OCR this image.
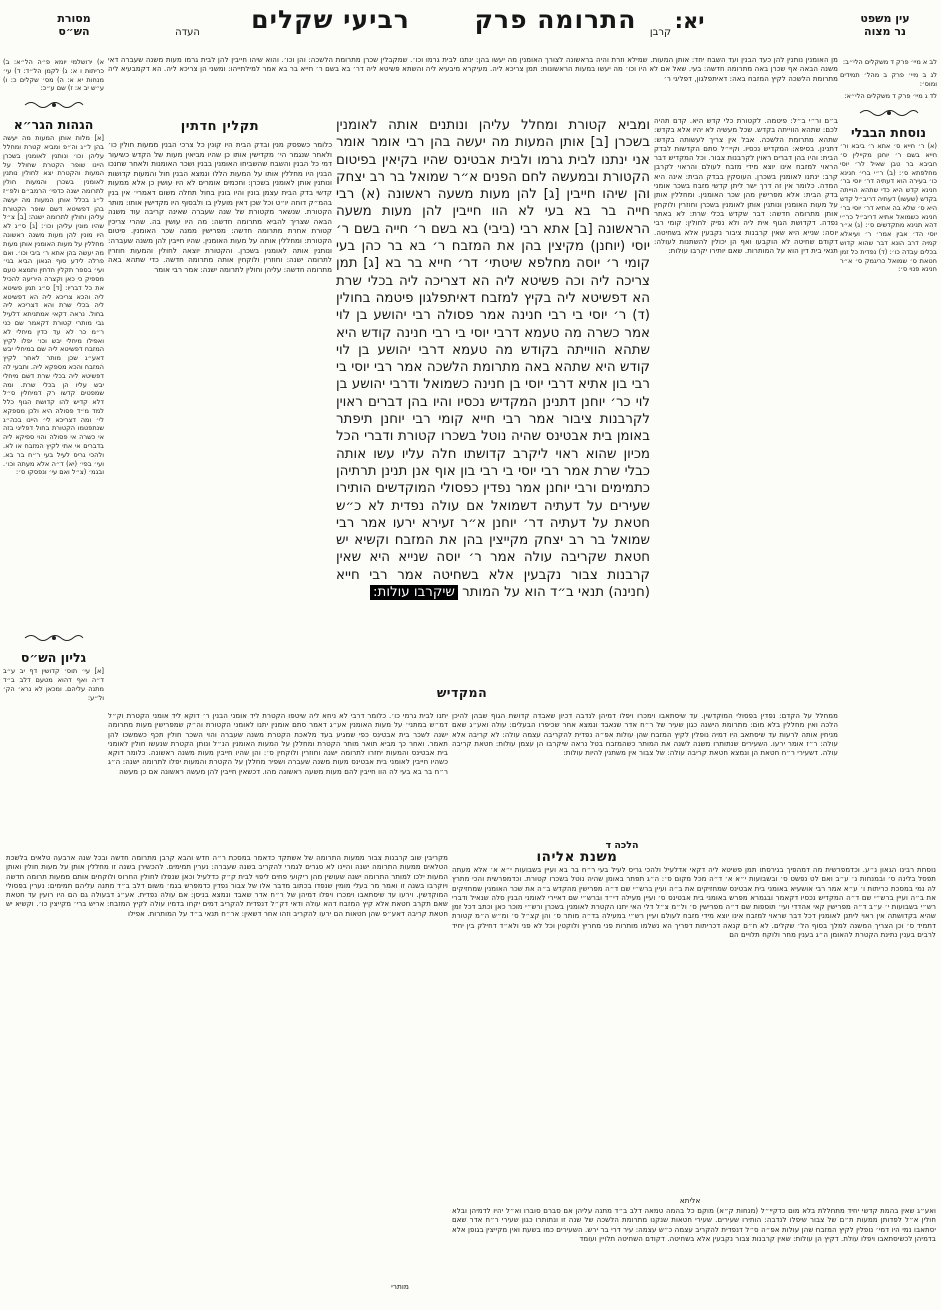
עין משפט
נר מצוה
יא:
קרבן
התרומה פרק
רביעי שקלים
העדה
מסורת
הש״ס
לב א מיי׳ פרק ד משקלים הלי״ב:
לג ב מיי׳ פרק ב מהל׳ תמידים ומוס׳:
לד ג מיי׳ פרק ד משקלים הלי״א:
נוסחת הבבלי
(א) ר׳ חייא ס׳ אתא ר׳ ביבא ור׳ חייא בשם ר׳ יוחנן מקיילין ס׳ חביבא בר טבן שאיל לר׳ יוסי מחלפתא ס׳: (ב) ר״י ברי׳ חנינא כו׳ בעירה הוא דעתיה דר׳ יוסי בר׳ חנינא קדש היא כדי שתהא הוייתה בקדש (שעשו) דעתיה דריב״ל קדש היא ס׳ שלא בה אתיא דר׳ יוסי בר׳ חנינא כשמואל אתיא דריב״ל כר״י דהא תנינא מתקדשים ס׳: (ג) א״ר יוסי הד׳ אבין אמר׳ ר׳ ועיאלא קמיה דרב הונא דבר שהוא קדוש בכלים עבדה כו׳: (ד) נפדית כל זמן חטאת ס׳ שמואל כריגמק ס׳ א״ר חנינא פנוי ס׳:
א) ירושלמי יומא פ״ה הל״א: ב) כריתות ו א: ג) לקמן הל״ד: ד) עי׳ מנחות יא א: ה) מס׳ שקלים כ: ו) ע״ש יב א: ז) שם ע״כ:
הגהות הגר״א
[א] מלות אותן המעות מה יעשה בהן ל״ג וה״פ ומביא קטרת ומחלל עליהן וכו׳ ונותנין לאומנין בשכרן היינו שופר הקטרת שחולל על המעות והקטרת יצא לחולין נותנין לאומנין בשכרן והמעות חולין לתרומה ישנה כדפי׳ הרמב״ם ולפ״ז ל״ג בכלל אותן המעות מה יעשה בהן דפשיטא דשם שופר הקטורת עליהן וחולין לתרומה ישנה: [ב] צ״ל שהיו מונין עליהן וכו׳: [ג] ס״ג לא היו מונין להן מעות משנה ראשונה מחללין על מעות האומנין אותן מעות מה יעשה בהן אתא ר׳ ביבי וכו׳. ואם פרלה לידע סוף הגאון הביא בגי׳ ועי׳ בספר תקלין חדתין ותמצא טעם מספיק כי כאן וקצרה היריעה להכיל את כל דבריו: [ד] ס״ג תמן פשיטא ליה והכא צריכא ליה הא דפשיטא ליה בכלי שרת והא דצריכא ליה בחול. נראה דקאי אמתניתא דלעיל גבי מותרי קטורת דקאמר שם כני ר״מ כר לא עד כדין מיחלי לא ואפילו מיחלי יבש וכו׳ יפלו לקיץ המזבח דפשיטא ליה שם במיחלי יבש דאע״ג שכן מותר לאחר לקיץ המזבח והכא מספקא ליה. ותבעי לה דפשיטא ליה בכלי שרת דשם מיחלי יבש עליו הן בכלי שרת. ומה שמפטים קדשו רק דמיחלין ס״ל דלא קדיש להו קדושת הגוף כלל למד מ״ד פסולה היא ולכן מספקא לי׳ ומה דצריכא לי׳ היינו בכה״ג שנתפטמו הקטורת בחול דפליגי בזה אי כשרה אי פסולה והוי ספיקא ליה בדברים אי אתי לקיץ המזבח או לא. ולהכי גריס לעיל בעי ר״ח בר בא. ועי׳ בפי׳ (יא) ד״ה אלא מעתה וכו׳. ובגמ׳ (צ״ל ואם עי׳ ונפסקו ס׳:
גליון הש״ס
[א] עי׳ תוס׳ קדושין דף יב ע״ב ד״ה ואף דהוא מטעם דלב ב״ד מתנה עליהם. ומכאן לא נרא׳ הק׳ ול״ע:
מן האומנין נותנין להן כעד הבנין ועד השבח יחד: אותן המעות. שמילא וזרת והיה בראשונה לצורך האומנין מה יעשו בהן: ינתנו לבית גרמו וכו׳. שמקבלין שכרן מתרומת הלשכה: והן וכו׳. והוא שיהו חייבין להן לבית גרמו מעות משנה שעברה דאי משנה הבאה אף שכרן באה מתרומה חדשה: בעי. שאל אם לא היו וכו׳ מה יעשו במעות הראשונות: תמן צריכא ליה. מעיקרא מיבעיא ליה והשתא פשיטא ליה דר׳ בא בשם ר׳ חייא בר בא אמר למילתייהו: ומשני הן צריכא ליה. הא דקמבעיא ליה מתרומת הלשכה לקיץ המזבח באה: דאיתפלגון, דפליגי ר׳
תקלין חדתין
כלומר כשפסק מנין ובדק הבית היו קונין כל צרכי הבנין ממעות חולין כו׳ ולאחר שנגמר הי׳ מקדישין אותו כן שהיו מביאין מעות של הקדש כשיעור דמי כל הבנין והשבח שהשביחו האומנין בבנין ושכר האומנות ולאחר שחנכו הבנין היו מחללין אותו על המעות הללו ונמצא הבנין חול והמעות קדושות ונותנין אותן לאומנין בשכרן: וחכמים אומרים לא היו עושין כן אלא ממעות קדשי בדק הבית עצמן בונין והיו בונין בחול תחלה משום דאמרי׳ אין בנין בהמ״ק דוחה יו״ט וכל שכן דאין מועלין בו ולבסוף היו מקדישין אותו: מותר הקטורת. שנשאר מקטורת של שנה שעברה שאינה קריבה עוד משנה הבאה שצריך להביא מתרומה חדשה: מה היו עושין בה. שהרי צריכין קטורת אחרת מתרומה חדשה: מפרישין ממנה שכר האומנין. פיטום הקטורת: ומחללין אותה על מעות האומנין. שהיו חייבין להן משנה שעברה: ונותנין אותה לאומנין בשכרן. והקטורת יוצאה לחולין והמעות חוזרין לתרומה ישנה: וחוזרין ולוקחין אותה מתרומה חדשה. כדי שתהא באה מתרומה חדשה: עליהן וחולין לתרומה ישנה: אמר רבי אומר
ומביא קטורת ומחלל עליהן ונותנים אותה לאומנין בשכרן [ב] אותן המעות מה יעשה בהן רבי אומר אומר אני ינתנו לבית גרמו ולבית אבטינס שהיו בקיאין בפיטום הקטורת ובמעשה לחם הפנים א״ר שמואל בר רב יצחק והן שיהו חייבין [ג] להן מעות משעה ראשונה (א) רבי חייה בר בא בעי לא הוו חייבין להן מעות משעה הראשונה [ב] אתא רבי (ביבי) בא בשם ר׳ חייה בשם ר׳ יוסי (יוחנן) מקיצין בהן את המזבח ר׳ בא בר כהן בעי קומי ר׳ יוסה מחלפא שיטתי׳ דר׳ חייא בר בא [ג] תמן צריכה ליה וכה פשיטא ליה הא דצריכה ליה בכלי שרת הא דפשיטא ליה בקיץ למזבח דאיתפלגון פיטמה בחולין (ד) ר׳ יוסי בי רבי חנינה אמר פסולה רבי יהושע בן לוי אמר כשרה מה טעמא דרבי יוסי בי רבי חנינה קודש היא שתהא הווייתה בקודש מה טעמא דרבי יהושע בן לוי קודש היא שתהא באה מתרומת הלשכה אמר רבי יוסי בי רבי בון אתיא דרבי יוסי בן חנינה כשמואל ודרבי יהושע בן לוי כר׳ יוחנן דתנינן המקדיש נכסיו והיו בהן דברים ראוין לקרבנות ציבור אמר רבי חייא קומי רבי יוחנן תיפתר באומן בית אבטינס שהיה נוטל בשכרו קטורת ודברי הכל מכיון שהוא ראוי ליקרב קדושתו חלה עליו עשו אותה כבלי שרת אמר רבי יוסי בי רבי בון אוף אנן תנינן תרתיהן כתמימים ורבי יוחנן אמר נפדין כפסולי המוקדשים הותירו שעירים על דעתיה דשמואל אם עולה נפדית לא כ״ש חטאת על דעתיה דר׳ יוחנן א״ר זעירא ירעו אמר רבי שמואל בר רב יצחק מקייצין בהן את המזבח וקשיא יש חטאת שקריבה עולה אמר ר׳ יוסה שנייא היא שאין קרבנות צבור נקבעין אלא בשחיטה אמר רבי חייא (חנינה) תנאי ב״ד הוא על המותר שיקרבו עולות:
ב״ם ור״י ב״ל: פיטמה. לקטורת כלי קדש היא. קדם תהיה לכם: שתהא הווייתה בקדש. שכל מעשיה לא יהיו אלא בקדש: שתהא מתרומת הלשכה. אבל אין צריך לעשותה בקדש: דתנינן. בסיפא: המקדיש נכסיו. וקיי״ל סתם הקדשות לבדק הבית: והיו בהן דברים ראוין לקרבנות צבור. וכל המקדיש דבר הראוי למזבח אינו יוצא מידי מזבח לעולם והראוי לקרבן קרב: ינתנו לאומנין בשכרן. העוסקין בבדק הבית: אינה היא המדה. כלומר אין זה דרך ישר ליתן קדשי מזבח בשכר אומני בדק הבית: אלא מפרישין מהן שכר האומנין. ומחללין אותן על מעות האומנין ונותנין אותן לאומנין בשכרן וחוזרין ולוקחין אותן מתרומה חדשה: דבר שקדש בכלי שרת: לא באתר נפדה. דקדושת הגוף אית ליה ולא נפיק לחולין: קומי רבי יוסה: שנייא היא שאין קרבנות ציבור נקבעין אלא בשחיטה. דקודם שחיטה לא הוקבעו ואף הן יכולין להשתנות לעולה: תנאי בית דין הוא על המותרות. שאם יותירו יקרבו עולות:
המקדיש
יתנו לבית גרמי כו׳. כלומר דרבי לא ניחא ליה שיטפו הקטרת ליד אומני הבנין ר׳ דוקא ליד אומני הקטרת וק״ל דמ״ש במתני׳ על מעות האומנין אע״ג דאמר סתם אומנין יתנו לאומני הקטורת וה״ק שמפרישין מעות מתרומה ישנה לשכר בית אבטינס כפי שמגיע בעד מלאכת הקטרת משנה שעברה והוי השכר חולין תכף כשמשכו להן תאמר. ואחר כך מביא תואר מותר הקטרת ומחללן על המעות האומנין הנ״ל ונותן הקטרת שנעשו חולין לאומני בית אבטינס והמעות יחזרו לתרומה ישנה וחוזרין ולוקחין ס׳: והן שהיו חייבין מעות משנה ראשונה. כלומר דוקא כשהיו חייבין לאומני בית אבטינס מעות משנה שעברה ושפיר מחללן על הקטרת והמעות יפלו לתרומה ישנה: ה״ג ר״ח בר בא בעי לה הוו חייבין להם מעות משעה ראשונה מהו. דכשאין חייבין להן מעשה ראשונה אם כן מעשה
ממחלל על הקדם: נפדין בפסולי המוקדשין. עד שיסתאבו וימכרו ויפלו דמיהן לנדבה דכיון שאבדה קדושת הגוף שבהן להיכן הלכה ואין מחללין בלא מום: מתרומת הישנה כגון שעיר של ר״ח אדר שנאבד ונמצא אחר שכיפרו הבעלים: עולה ואע״ג שאם מניחין אותה לרעות עד שיסתאב היו דמיה נופלין לקיץ המזבח שהן עולות אפ״ה נפדית להקריבה עצמה עולה: לא קריבה אלא עולה: ר״ז אומר ירעו. השעירים שנתותרו משנה לשנה את המותר כשהמזבח בטל נראה שיקרבו הן עצמן עולות: חטאת קריבה עולה. דשעירי ר״ח חטאת הן ונמצא חטאת קריבה עולה: של צבור אין משתנין להיות עולות:
מקריבין שוב קרבנות צבור ממעות התרומה של אשתקד כדאמר במסכת ר״ה חדש והבא קרבן מתרומה חדשה ובכל שנה ארבעה טלאים בלשכת הטלאים ממעות התרומה ישנה והיינו לא סגרים לגמרי להקריב בשנה שעברה: נערין תמימים. להכשירן בשנה זו מחללין אותן על מעות חולין ואותן המעות ילכו למותר התרומה ישנה שעושין מהן ריקועי פחים ליפוי לבית ק״ק כדלעיל וכאן שנפלו לחולין החרוס ולוקחים אותם ממעות תרומה חדשה ויוקרבו בשנה זו ואמר מר בעלי מומין שנפדו בכתוב מדבר אלו של צבור נפדין כדמפרש בגמ׳ משום דלב ב״ד מתנה עליהם תמימים: נערין בפסולי המוקדשין. וירעו עד שיסתאבו וימכרו ויפלו דמיהן של ר״ח אדר שאבד ונמצא בניסן: אם עולה נפדית. אע״ג דבעולה גם הם היו רועין עד חטאת שאם תקרב חטאת אלא קיץ המזבח דהא עולה ודאי דק״ל דנפדית להקריב דמים יקחו בדמיו עולה לקיץ המזבח: אריש ברי׳ מקייצין כו׳. וקשיא יש חטאת קריבה דאע״פ שהן חטאות הם ירעו להקריב וזהו אחר דשאין: אר״ח תנאי ב״ד על המותרות. אפילו
מותרי
הלכה ד
משנת אליהו
נוסחת רבינו הגאון נ״ע. וכדמפרשית מה דמהפיך בגירסתו תמן פשיטא ליה דקאי אדלעיל ולהכי גריס לעיל בעי ר״ח בר בא ועיין בשבועות י״א א׳ אלא מעתה תפסל בלינה ס׳ ובמנחות נ׳ ע״ב ואם לט נפשט ס׳ ובשבועות י״א א׳ ד״ה מכל מקום ס׳: ה״ג תפתר באומן שהיה נוטל בשכרו קטורת. וכדמפרשית והכי מתרץ לה נמי במסכת כריתות ו׳ ע״א אמר רבי אושעיא באומני בית אבטינס שמחזיקים את ב״ה ועיין ברש״י שם ד״ה מפרישין מהקדש ב״ה את שכר האומנין שמחזיקים את ב״ה ועיין ברש״י שם ד״ה המקדיש נכסיו דקאמר ובגמרא מפרש באומני בית אבטינס ס׳ ועיין מעילה די״ד וברש״י שם דאיירי לאומני הבנין סלה שנאיל ודברי רש״י בשבועות י׳ ע״ב ד״ה מפרישין קאי אהדדי ועי׳ תוספות שם ד״ה מפרישין ס׳ ול״מ צ״ל דלי האי יתנו הקטרת לאומנין בשכרן ורש״י מוכר כאן וכתב דכל זמן שהיא בקדושתה אין ראוי ליתנן לאומנין דכל דבר שראוי למזבח אינו יוצא מידי מזבח לעולם ועיין רש״י במעילה בד״ה מותר ס׳ והן קצ״ל ס׳ ומ״ש ה״מ קטורת דתמיד ס׳ וכן הצריך המשנה למלך בסוף הל׳ שקלים. לא ח״ם קנאה דכריתות דפריך הא נשלמו מותרות פני מחריץ ולוקטין וכל לא פני ולא״ד דחילק בין יחיד לרבים בענין נתינת הקטרת להאומן ה״ג בענין מחר ולוקח תלויים הם
אליתא
ואע״ג שאין בהמת קדשי יחיד מתחללת בלא מום כדקיי״ל (מנחות ק״א) מוקם כל בהמה טמאה דלב ב״ד מתנה עליהן אם סברם סוברו וא״ל יהיו לדמיהן ובלא חולין א״ל לפדותן ממעות ת״ם של צבור שיפלו לנדבה: הותירו שעירים. שעירי חטאות שנקנו מתרומת הלשכה של שנה זו ונתותרו כגון שעירי ר״ח אדר שאם יסתאבו נמי היו דמי׳ נופלין לקיץ המזבח שהן עולות אפ״ה ס״ל דנפדית להקריב עצמה כ״ש עצמה: עיר דרי בר ירש. השעירים כמו בשעת ואין מקייצין בגופן אלא בדמיהן לכשיסתאבו ויפלו עולת. דקיץ הן עולות: שאין קרבנות צבור נקבעין אלא בשחיטה. דקודם השחיטה תלויין ועומד
